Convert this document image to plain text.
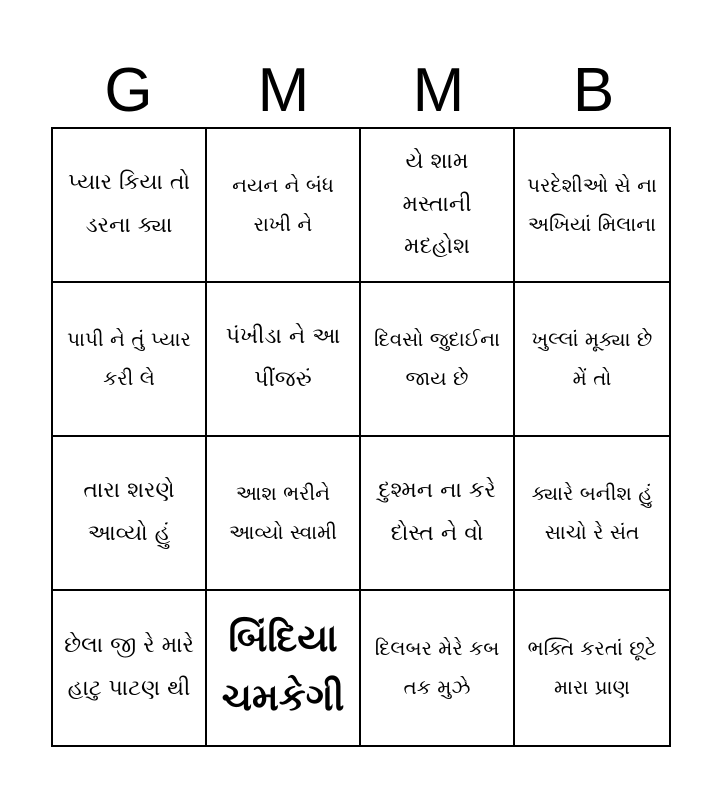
G	M	M	B
પ્યાર કિયા તો ડરના ક્યા
નયન ને બંધ રાખી ને
યે શામ મસ્તાની મદહોશ
પરદેશીઓ સે ના અખિયાં મિલાના
પાપી ને તું પ્યાર કરી લે
પંખીડા ને આ પીંજરું
દિવસો જુદાઈના જાય છે
ખુલ્લાં મૂક્યા છે મેં તો
તારા શરણે આવ્યો હું
આશ ભરીને આવ્યો સ્વામી
દુશ્મન ના કરે દોસ્ત ને વો
ક્યારે બનીશ હું સાચો રે સંત
છેલા જી રે મારે હાટુ પાટણ થી
બિંદિયા ચમકેગી
દિલબર મેરે કબ તક મુઝે
ભક્તિ કરતાં છૂટે મારા પ્રાણ
